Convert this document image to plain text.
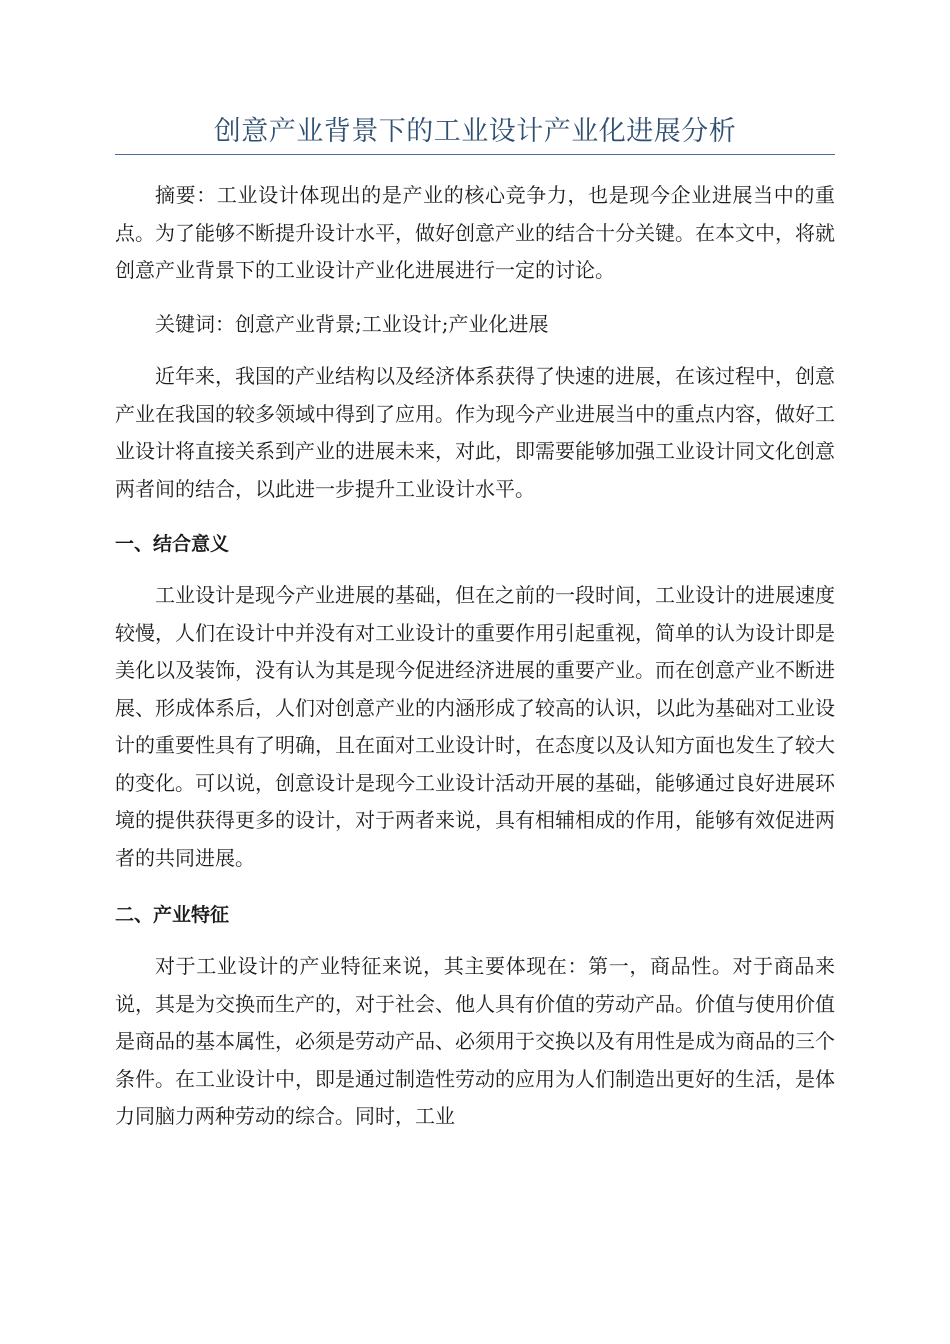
创意产业背景下的工业设计产业化进展分析

摘要：工业设计体现出的是产业的核心竞争力，也是现今企业进展当中的重点。为了能够不断提升设计水平，做好创意产业的结合十分关键。在本文中，将就创意产业背景下的工业设计产业化进展进行一定的讨论。

关键词：创意产业背景;工业设计;产业化进展

近年来，我国的产业结构以及经济体系获得了快速的进展，在该过程中，创意产业在我国的较多领域中得到了应用。作为现今产业进展当中的重点内容，做好工业设计将直接关系到产业的进展未来，对此，即需要能够加强工业设计同文化创意两者间的结合，以此进一步提升工业设计水平。

一、结合意义

工业设计是现今产业进展的基础，但在之前的一段时间，工业设计的进展速度较慢，人们在设计中并没有对工业设计的重要作用引起重视，简单的认为设计即是美化以及装饰，没有认为其是现今促进经济进展的重要产业。而在创意产业不断进展、形成体系后，人们对创意产业的内涵形成了较高的认识，以此为基础对工业设计的重要性具有了明确，且在面对工业设计时，在态度以及认知方面也发生了较大的变化。可以说，创意设计是现今工业设计活动开展的基础，能够通过良好进展环境的提供获得更多的设计，对于两者来说，具有相辅相成的作用，能够有效促进两者的共同进展。

二、产业特征

对于工业设计的产业特征来说，其主要体现在：第一，商品性。对于商品来说，其是为交换而生产的，对于社会、他人具有价值的劳动产品。价值与使用价值是商品的基本属性，必须是劳动产品、必须用于交换以及有用性是成为商品的三个条件。在工业设计中，即是通过制造性劳动的应用为人们制造出更好的生活，是体力同脑力两种劳动的综合。同时，工业
